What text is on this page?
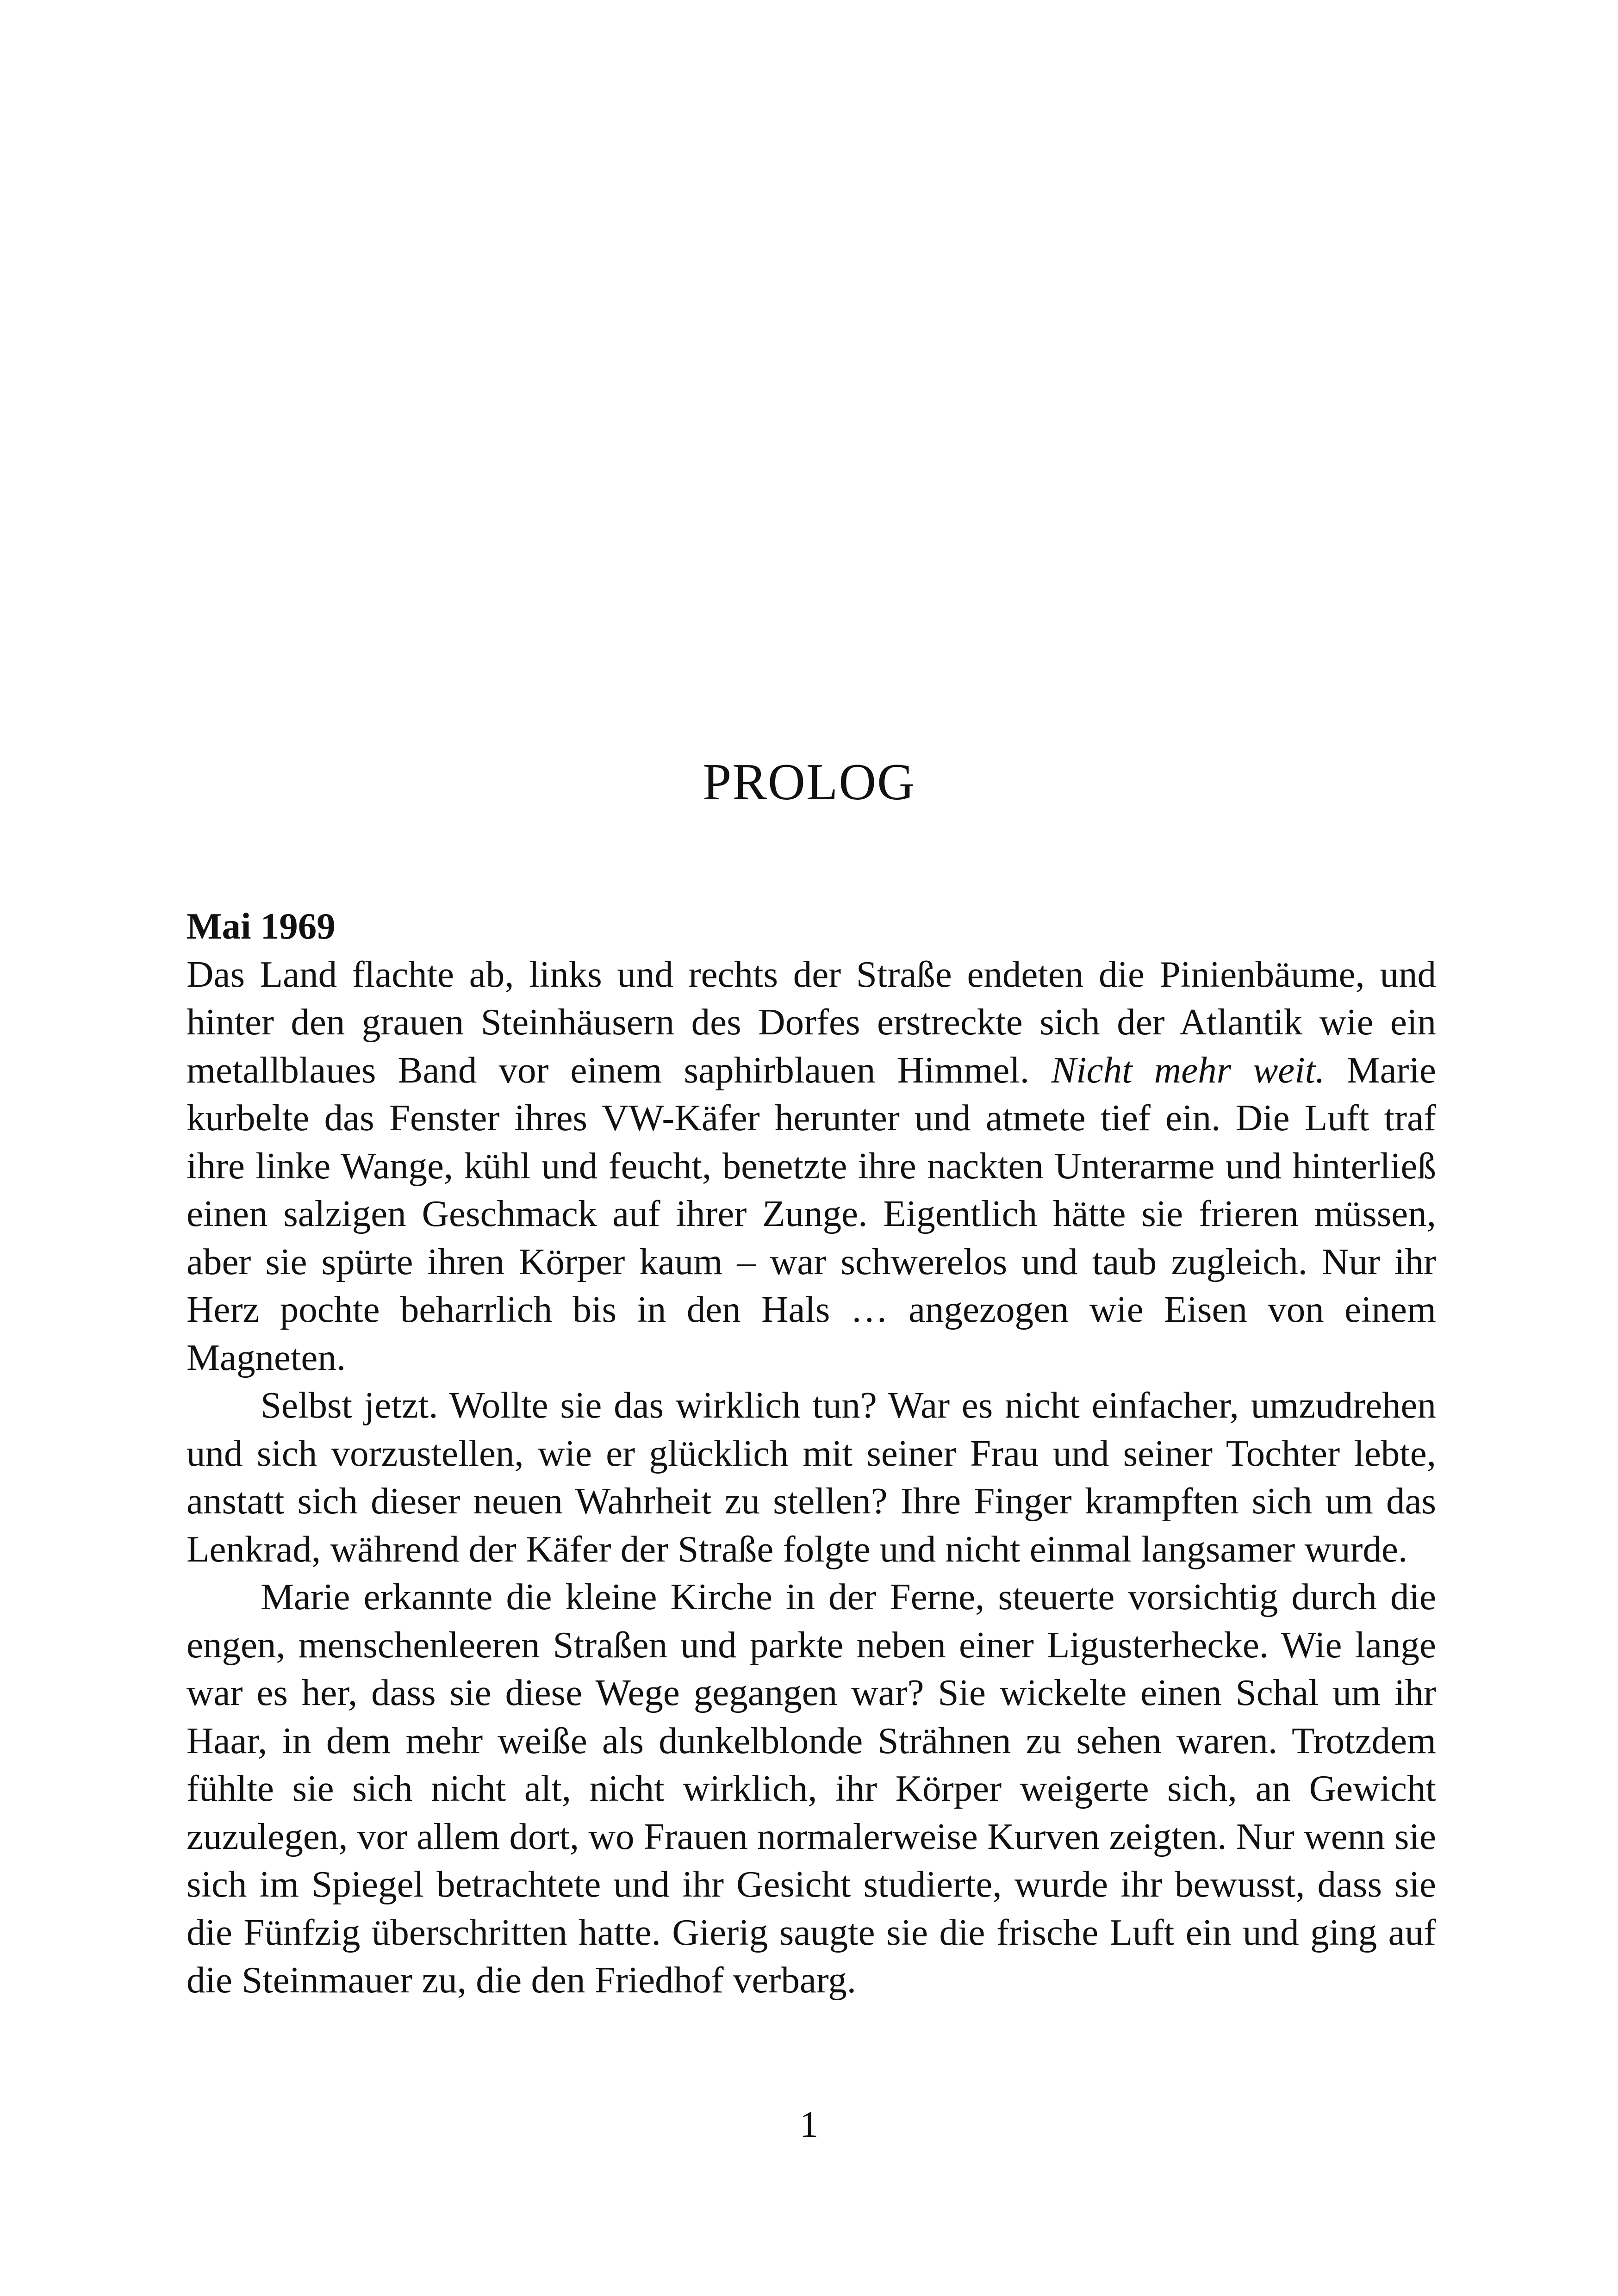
PROLOG

Mai 1969

Das Land flachte ab, links und rechts der Straße endeten die Pinienbäume, und hinter den grauen Steinhäusern des Dorfes erstreckte sich der Atlantik wie ein metallblaues Band vor einem saphirblauen Himmel. Nicht mehr weit. Marie kurbelte das Fenster ihres VW-Käfer herunter und atmete tief ein. Die Luft traf ihre linke Wange, kühl und feucht, benetzte ihre nackten Unterarme und hinterließ einen salzigen Geschmack auf ihrer Zunge. Eigentlich hätte sie frieren müssen, aber sie spürte ihren Körper kaum – war schwerelos und taub zugleich. Nur ihr Herz pochte beharrlich bis in den Hals … angezogen wie Eisen von einem Magneten.

Selbst jetzt. Wollte sie das wirklich tun? War es nicht einfacher, umzudrehen und sich vorzustellen, wie er glücklich mit seiner Frau und seiner Tochter lebte, anstatt sich dieser neuen Wahrheit zu stellen? Ihre Finger krampften sich um das Lenkrad, während der Käfer der Straße folgte und nicht einmal langsamer wurde.

Marie erkannte die kleine Kirche in der Ferne, steuerte vorsichtig durch die engen, menschenleeren Straßen und parkte neben einer Ligusterhecke. Wie lange war es her, dass sie diese Wege gegangen war? Sie wickelte einen Schal um ihr Haar, in dem mehr weiße als dunkelblonde Strähnen zu sehen waren. Trotzdem fühlte sie sich nicht alt, nicht wirklich, ihr Körper weigerte sich, an Gewicht zuzulegen, vor allem dort, wo Frauen normalerweise Kurven zeigten. Nur wenn sie sich im Spiegel betrachtete und ihr Gesicht studierte, wurde ihr bewusst, dass sie die Fünfzig überschritten hatte. Gierig saugte sie die frische Luft ein und ging auf die Steinmauer zu, die den Friedhof verbarg.

1
